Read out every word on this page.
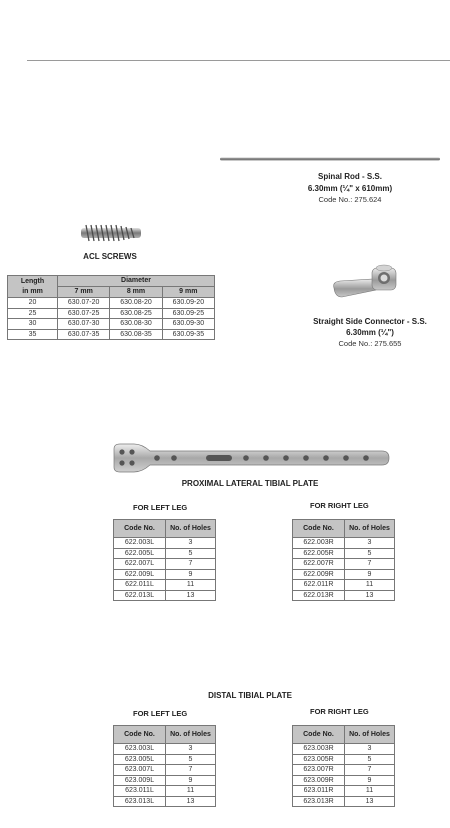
Spinal Rod - S.S.
6.30mm (¼" x 610mm)
Code No.: 275.624
ACL SCREWS
Length
in mm	Diameter		
	7 mm	8 mm	9 mm
20	630.07-20	630.08-20	630.09-20
25	630.07-25	630.08-25	630.09-25
30	630.07-30	630.08-30	630.09-30
35	630.07-35	630.08-35	630.09-35
Straight Side Connector - S.S.
6.30mm (¼")
Code No.: 275.655
PROXIMAL LATERAL TIBIAL PLATE
FOR LEFT LEG	FOR RIGHT LEG
Code No.	No. of Holes
622.003L	3
622.005L	5
622.007L	7
622.009L	9
622.011L	11
622.013L	13
Code No.	No. of Holes
622.003R	3
622.005R	5
622.007R	7
622.009R	9
622.011R	11
622.013R	13
DISTAL TIBIAL PLATE
FOR LEFT LEG	FOR RIGHT LEG
Code No.	No. of Holes
623.003L	3
623.005L	5
623.007L	7
623.009L	9
623.011L	11
623.013L	13
Code No.	No. of Holes
623.003R	3
623.005R	5
623.007R	7
623.009R	9
623.011R	11
623.013R	13
